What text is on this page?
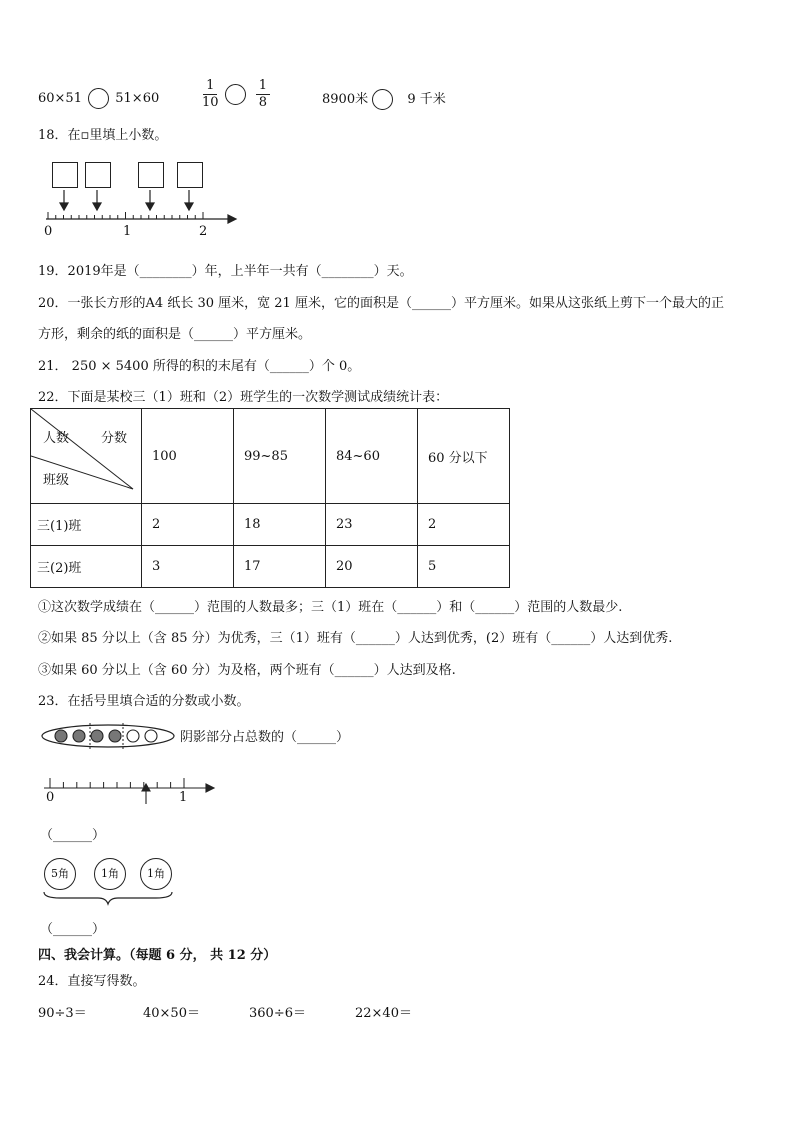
60×51	51×60	$\frac{1}{10}$
	$\frac{1}{8}$	8900米	9 千米
18．在▫里填上小数。
0	1	2
19．2019年是（________）年，上半年一共有（________）天。
20．一张长方形的A4 纸长 30 厘米，宽 21 厘米，它的面积是（______）平方厘米。如果从这张纸上剪下一个最大的正
方形，剩余的纸的面积是（______）平方厘米。
21． 250 × 5400 所得的积的末尾有（______）个 0。
22．下面是某校三（1）班和（2）班学生的一次数学测试成绩统计表：
人数 分数
班级	100	99~85	84~60	60 分以下
三(1)班	2	18	23	2
三(2)班	3	17	20	5
①这次数学成绩在（______）范围的人数最多；三（1）班在（______）和（______）范围的人数最少.
②如果 85 分以上（含 85 分）为优秀，三（1）班有（______）人达到优秀，(2）班有（______）人达到优秀.
③如果 60 分以上（含 60 分）为及格，两个班有（______）人达到及格.
23．在括号里填合适的分数或小数。
阴影部分占总数的（______）
0	1
（______）
5角	1角	1角
（______）
四、我会计算。（每题 6 分， 共 12 分）
24．直接写得数。
90÷3＝	40×50＝	360÷6＝	22×40＝
